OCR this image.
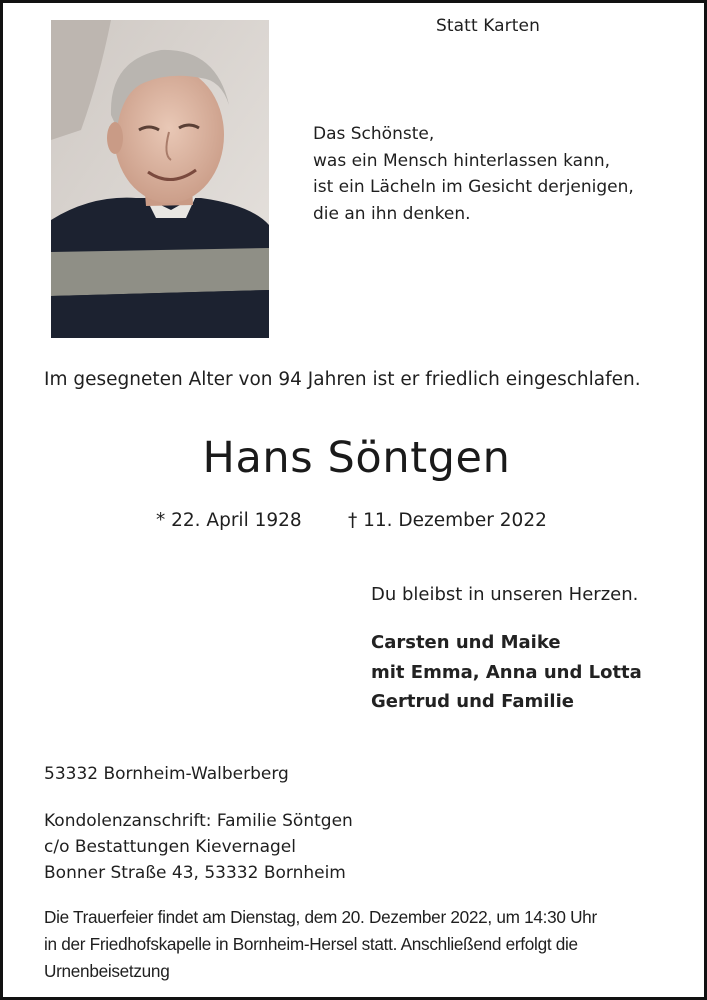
Statt Karten
Das Schönste,
was ein Mensch hinterlassen kann,
ist ein Lächeln im Gesicht derjenigen,
die an ihn denken.
Im gesegneten Alter von 94 Jahren ist er friedlich eingeschlafen.
Hans Söntgen
* 22. April 1928	† 11. Dezember 2022
Du bleibst in unseren Herzen.
Carsten und Maike
mit Emma, Anna und Lotta
Gertrud und Familie
53332 Bornheim-Walberberg
Kondolenzanschrift: Familie Söntgen
c/o Bestattungen Kievernagel
Bonner Straße 43, 53332 Bornheim
Die Trauerfeier findet am Dienstag, dem 20. Dezember 2022, um 14:30 Uhr
in der Friedhofskapelle in Bornheim-Hersel statt. Anschließend erfolgt die
Urnenbeisetzung
